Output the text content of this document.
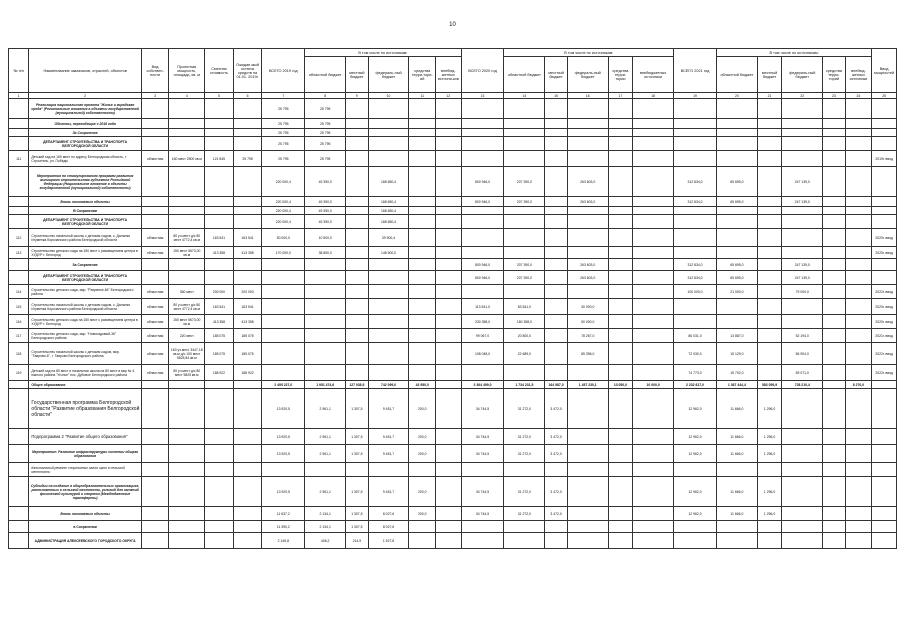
10
№ п/п	Наименование заказчиков, отраслей, объектов	Вид собствен-ности	Проектная мощность, площадь, кв. м	Сметная стоимость	Ожидае-мый остаток средств на 01.01. 2019г.	ВСЕГО 2019 год	В том числе по источникам:					ВСЕГО 2020 год	В том числе по источникам:					ВСЕГО 2021 год	В том числе по источникам:					Ввод мощностей
							областной бюджет	местный бюджет	федераль-ный бюджет	средства терри-тори-ий	внебюд-жетных источни-ков		областной бюджет	местный бюджет	федераль-ный бюджет	средства терри-тории	внебюджетных источники		областной бюджет	местный бюджет	федераль-ный бюджет	средства терри-торий	внебюд-жетных источники	
1	2	3	4	5	6	7	8	9	10	11	12	13	14	15	16	17	18	19	20	21	22	23	24	25
	Реализация национального проекта "Жилье и городская среда" (Региональные вложения в объекты государственной (муниципальной) собственности)					25 795	25 795																	
	Объекты, переходящие с 2018 года					25 795	25 795																	
	За Сохранение					25 795	25 795																	
	ДЕПАРТАМЕНТ СТРОИТЕЛЬСТВА И ТРАНСПОРТА БЕЛГОРОДСКОЙ ОБЛАСТИ					25 795	25 795																	
111	Детский сад на 160 мест по адресу Белгородская область, г. Строитель, ул. Победы	областная	160 мест 2500 кв.м	121 845	25 795	25 795	25 795																	2019г. ввод
	Мероприятия по стимулированию программ развития жилищного строительства субъектов Российской Федерации (Национальное вложение в объекты государственной (муниципальной) собственности)					220 000,4	49 350,0		168 650,4			800 946,0	207 390,0		263 603,0			312 834,0	65 695,0		247 139,0			
	Вновь начинаемые объекты					220 000,4	49 350,0		168 650,4			800 946,0	207 390,0		263 603,0			312 834,0	65 695,0		247 139,0			
	В Сохранении					220 000,4	49 350,0		168 650,4															
	ДЕПАРТАМЕНТ СТРОИТЕЛЬСТВА И ТРАНСПОРТА БЕЛГОРОДСКОЙ ОБЛАСТИ					220 000,4	49 350,0		168 650,4															
112	Строительство начальной школы с детским садом, с. Дальняя Игуменка Корочанского района Белгородской области	областная	80 уч.мест д/с 80 мест 4772,4 кв.м	163 541	163 541	50 000,0	10 500,0		39 500,4															2020г. ввод
113	Строительство детского сада на 150 мест с размещением центра в ХУДУР г. Белгород	областная	150 мест 5673,00 кв.м	413 358	413 358	170 000,0	38 850,0		148 500,0															2020г. ввод
	За Сохранение											800 946,0	207 390,0		263 603,0			312 834,0	65 695,0		247 139,0			
	ДЕПАРТАМЕНТ СТРОИТЕЛЬСТВА И ТРАНСПОРТА БЕЛГОРОДСКОЙ ОБЛАСТИ											800 946,0	207 390,0		263 603,0			312 834,0	65 695,0		247 139,0			
114	Строительство детского сада, мкр. "Разумное-84" Белгородского района	областная	350 мест	200 000	200 000													100 000,0	21 000,0		79 000,0			2022г. ввод
115	Строительство начальной школы с детским садом, с. Дальняя Игуменка Корочанского района Белгородской области	областная	80 уч.мест д/с 80 мест 4772,4 кв.м	163 541	163 541							113 541,0	83 541,0		30 000,0									2020г. ввод
116	Строительство детского сада на 150 мест с размещением центра в ХУДУР г. Белгород	областная	150 мест 5673,00 кв.м	413 358	413 358							230 358,0	180 358,0		50 000,0									2020г. ввод
117	Строительство детского сада, мкр. "Новосадовый-36" Белгородского района	областная	220 мест	185 075	185 075							99 067,0	20 800,0		78 267,0			86 031,0	13 887,0		52 194,0			2021г. ввод
118	Строительство начальной школы с детским садом, мкр. "Таврово-6", г. Таврово Белгородского района	областная	160 уч.мест 3447,18 кв.м д/с 100 мест 5525,84 кв.м	185 075	185 075							108 048,0	22 689,0		85 396,0			72 030,0	15 129,0		56 904,0			2022г. ввод
119	Детский сад на 80 мест и начальная школа на 80 мест в мкр № 4 южного района "Уголье" пос. Дубовое Белгородского района	областная	80 уч.мест д/с 80 мест 5825 кв.м	188 922	188 922													74 773,0	15 702,0		59 071,0			2022г. ввод
	Общее образование					2 495 227,0	1 951 474,6	127 038,9	742 099,0	43 950,0		3 364 499,0	1 734 231,5	164 987,0	1 457 230,1	13 050,0	10 000,0	2 232 617,0	1 367 444,4	583 059,9	728 210,4		8 270,0	
	Государственная программа Белгородской области "Развитие образования Белгородской области"					13 920,5	2 961,1	1 307,5	9 451,7	200,0		34 744,5	31 272,0	3 472,0				12 962,0	11 666,0	1 296,0				
	Подпрограмма 2 "Развитие общего образования"					13 920,5	2 961,1	1 307,5	9 451,7	200,0		34 744,5	31 272,0	3 472,0				12 962,0	11 666,0	1 296,0				
	Мероприятие: Развитие инфраструктуры системы общего образования					13 920,5	2 961,1	1 307,5	9 451,7	200,0		34 744,5	31 272,0	3 472,0				12 962,0	11 666,0	1 296,0				
	Капитальный ремонт спортивных залов школ в сельской местности																							
	Субсидии на создание в общеобразовательных организациях, расположенных в сельской местности, условий для занятий физической культурой и спортом (Межбюджетные трансферты)					13 920,5	2 961,1	1 307,5	9 451,7	200,0		34 744,5	31 272,0	3 472,0				12 962,0	11 666,0	1 296,0				
	Вновь начинаемые объекты					11 637,2	2 134,1	1 307,5	8 027,6	200,0		34 744,5	31 272,0	3 472,0				12 962,0	11 666,0	1 296,0				
	в Сохранении					11 390,2	2 134,1	1 307,5	8 027,6															
	АДМИНИСТРАЦИЯ АЛЕКСЕЕВСКОГО ГОРОДСКОГО ОКРУГА					2 149,8	406,2	214,9	1 527,8															
